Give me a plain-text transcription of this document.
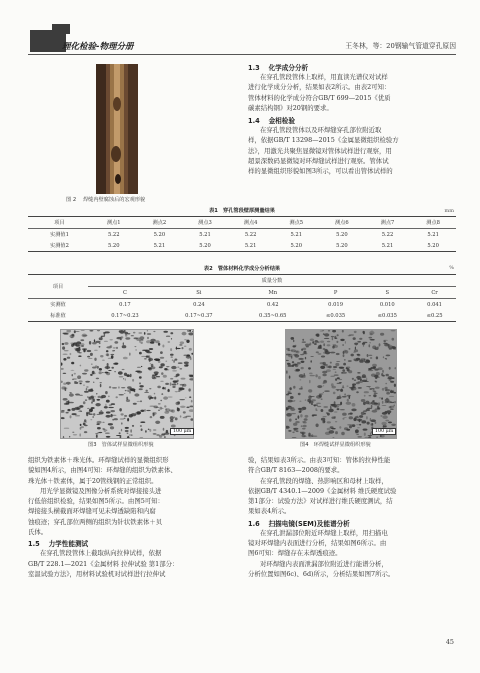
理化检验-物理分册	王冬林，等：20钢输气管道穿孔原因
图 2 　焊缝内壁腐蚀后的宏观形貌
1.3 　化学成分分析
在穿孔管段管体上取样，用直读光谱仪对试样
进行化学成分分析，结果如表2所示。由表2可知：
管体材料的化学成分符合GB/T 699—2015《优质
碳素结构钢》对20钢的要求。
1.4 　金相检验
在穿孔管段管体以及环焊缝穿孔部位附近取
样，依据GB/T 13298—2015《金属显微组织检验方
法》，用激光共聚焦显微镜对管体试样进行观察，用
超景深数码显微镜对环焊缝试样进行观察。管体试
样的显微组织形貌如图3所示，可以看出管体试样的
表1　穿孔管段壁厚测量结果	mm
项目	测点1	测点2	测点3	测点4	测点5	测点6	测点7	测点8
实测值1	5.22	5.20	5.21	5.22	5.21	5.20	5.22	5.21
实测值2	5.20	5.21	5.20	5.21	5.20	5.20	5.21	5.20
表2　管体材料化学成分分析结果	%
项目	质量分数					
	C	Si	Mn	P	S	Cr
实测值	0.17	0.24	0.42	0.019	0.010	0.041
标准值	0.17~0.23	0.17~0.37	0.35~0.65	≤0.035	≤0.035	≤0.25
100 μm
图3　管体试样显微组织形貌
100 μm
图4　环焊缝试样显微组织形貌
组织为铁素体＋珠光体。环焊缝试样的显微组织形
貌如图4所示，由图4可知：环焊缝的组织为铁素体、
珠光体＋铁素体，属于20管线钢的正常组织。
用光学显微镜及图像分析系统对焊接接头进
行低倍组织检验，结果如图5所示。由图5可知：
焊接接头横截面环焊缝可见未焊透缺陷和内腐
蚀痕迹；穿孔部位两侧的组织为针状铁素体＋贝
氏体。
1.5 　力学性能测试
在穿孔管段管体上截取纵向拉伸试样，依据
GB/T 228.1—2021《金属材料 拉伸试验 第1部分：
室温试验方法》，用材料试验机对试样进行拉伸试
验，结果如表3所示。由表3可知：管体的拉伸性能
符合GB/T 8163—2008的要求。
在穿孔管段的焊缝、热影响区和母材上取样，
依据GB/T 4340.1—2009《金属材料 维氏硬度试验
第1部分：试验方法》对试样进行维氏硬度测试，结
果如表4所示。
1.6 　扫描电镜(SEM)及能谱分析
在穿孔泄漏部位附近环焊缝上取样，用扫描电
镜对环焊缝内表面进行分析，结果如图6所示。由
图6可知：焊缝存在未焊透痕迹。
对环焊缝内表面泄漏部位附近进行能谱分析，
分析位置如图6c)、6d)所示，分析结果如图7所示。
45
